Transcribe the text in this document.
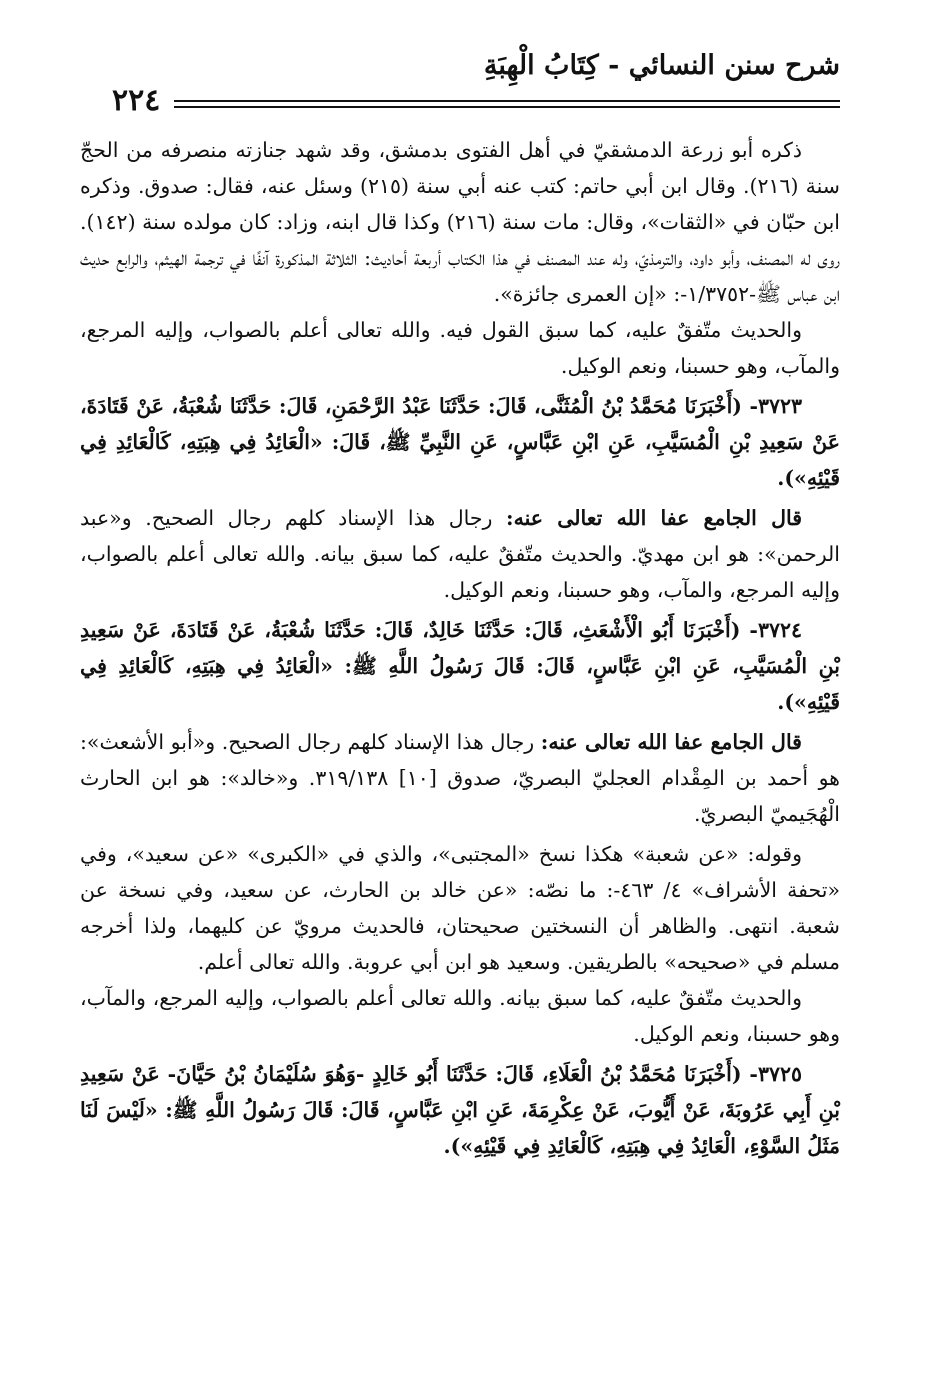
شرح سنن النسائي - كِتَابُ الْهِبَةِ
٢٢٤

ذكره أبو زرعة الدمشقيّ في أهل الفتوى بدمشق، وقد شهد جنازته منصرفه من الحجّ سنة (٢١٦). وقال ابن أبي حاتم: كتب عنه أبي سنة (٢١٥) وسئل عنه، فقال: صدوق. وذكره ابن حبّان في «الثقات»، وقال: مات سنة (٢١٦) وكذا قال ابنه، وزاد: كان مولده سنة (١٤٢). روى له المصنف، وأبو داود، والترمذيّ، وله عند المصنف في هذا الكتاب أربعة أحاديث: الثلاثة المذكورة آنفًا في ترجمة الهيثم، والرابع حديث ابن عباس ﷺ-١/٣٧٥٢-: «إن العمرى جائزة».

والحديث متّفقٌ عليه، كما سبق القول فيه. والله تعالى أعلم بالصواب، وإليه المرجع، والمآب، وهو حسبنا، ونعم الوكيل.

٣٧٢٣- (أَخْبَرَنَا مُحَمَّدُ بْنُ الْمُثَنَّى، قَالَ: حَدَّثَنَا عَبْدُ الرَّحْمَنِ، قَالَ: حَدَّثَنَا شُعْبَةُ، عَنْ قَتَادَةَ، عَنْ سَعِيدِ بْنِ الْمُسَيَّبِ، عَنِ ابْنِ عَبَّاسٍ، عَنِ النَّبِيِّ ﷺ، قَالَ: «الْعَائِدُ فِي هِبَتِهِ، كَالْعَائِدِ فِي قَيْئِهِ»).

قال الجامع عفا الله تعالى عنه: رجال هذا الإسناد كلهم رجال الصحيح. و«عبد الرحمن»: هو ابن مهديّ. والحديث متّفقٌ عليه، كما سبق بيانه. والله تعالى أعلم بالصواب، وإليه المرجع، والمآب، وهو حسبنا، ونعم الوكيل.

٣٧٢٤- (أَخْبَرَنَا أَبُو الْأَشْعَثِ، قَالَ: حَدَّثَنَا خَالِدٌ، قَالَ: حَدَّثَنَا شُعْبَةُ، عَنْ قَتَادَةَ، عَنْ سَعِيدِ بْنِ الْمُسَيَّبِ، عَنِ ابْنِ عَبَّاسٍ، قَالَ: قَالَ رَسُولُ اللَّهِ ﷺ: «الْعَائِدُ فِي هِبَتِهِ، كَالْعَائِدِ فِي قَيْئِهِ»).

قال الجامع عفا الله تعالى عنه: رجال هذا الإسناد كلهم رجال الصحيح. و«أبو الأشعث»: هو أحمد بن المِقْدام العجليّ البصريّ، صدوق [١٠] ٣١٩/١٣٨. و«خالد»: هو ابن الحارث الْهُجَيميّ البصريّ.

وقوله: «عن شعبة» هكذا نسخ «المجتبى»، والذي في «الكبرى» «عن سعيد»، وفي «تحفة الأشراف» ٤/ ٤٦٣-: ما نصّه: «عن خالد بن الحارث، عن سعيد، وفي نسخة عن شعبة. انتهى. والظاهر أن النسختين صحيحتان، فالحديث مرويّ عن كليهما، ولذا أخرجه مسلم في «صحيحه» بالطريقين. وسعيد هو ابن أبي عروبة. والله تعالى أعلم.

والحديث متّفقٌ عليه، كما سبق بيانه. والله تعالى أعلم بالصواب، وإليه المرجع، والمآب، وهو حسبنا، ونعم الوكيل.

٣٧٢٥- (أَخْبَرَنَا مُحَمَّدُ بْنُ الْعَلَاءِ، قَالَ: حَدَّثَنَا أَبُو خَالِدٍ -وَهُوَ سُلَيْمَانُ بْنُ حَيَّانَ- عَنْ سَعِيدِ بْنِ أَبِي عَرُوبَةَ، عَنْ أَيُّوبَ، عَنْ عِكْرِمَةَ، عَنِ ابْنِ عَبَّاسٍ، قَالَ: قَالَ رَسُولُ اللَّهِ ﷺ: «لَيْسَ لَنَا مَثَلُ السَّوْءِ، الْعَائِدُ فِي هِبَتِهِ، كَالْعَائِدِ فِي قَيْئِهِ»).
